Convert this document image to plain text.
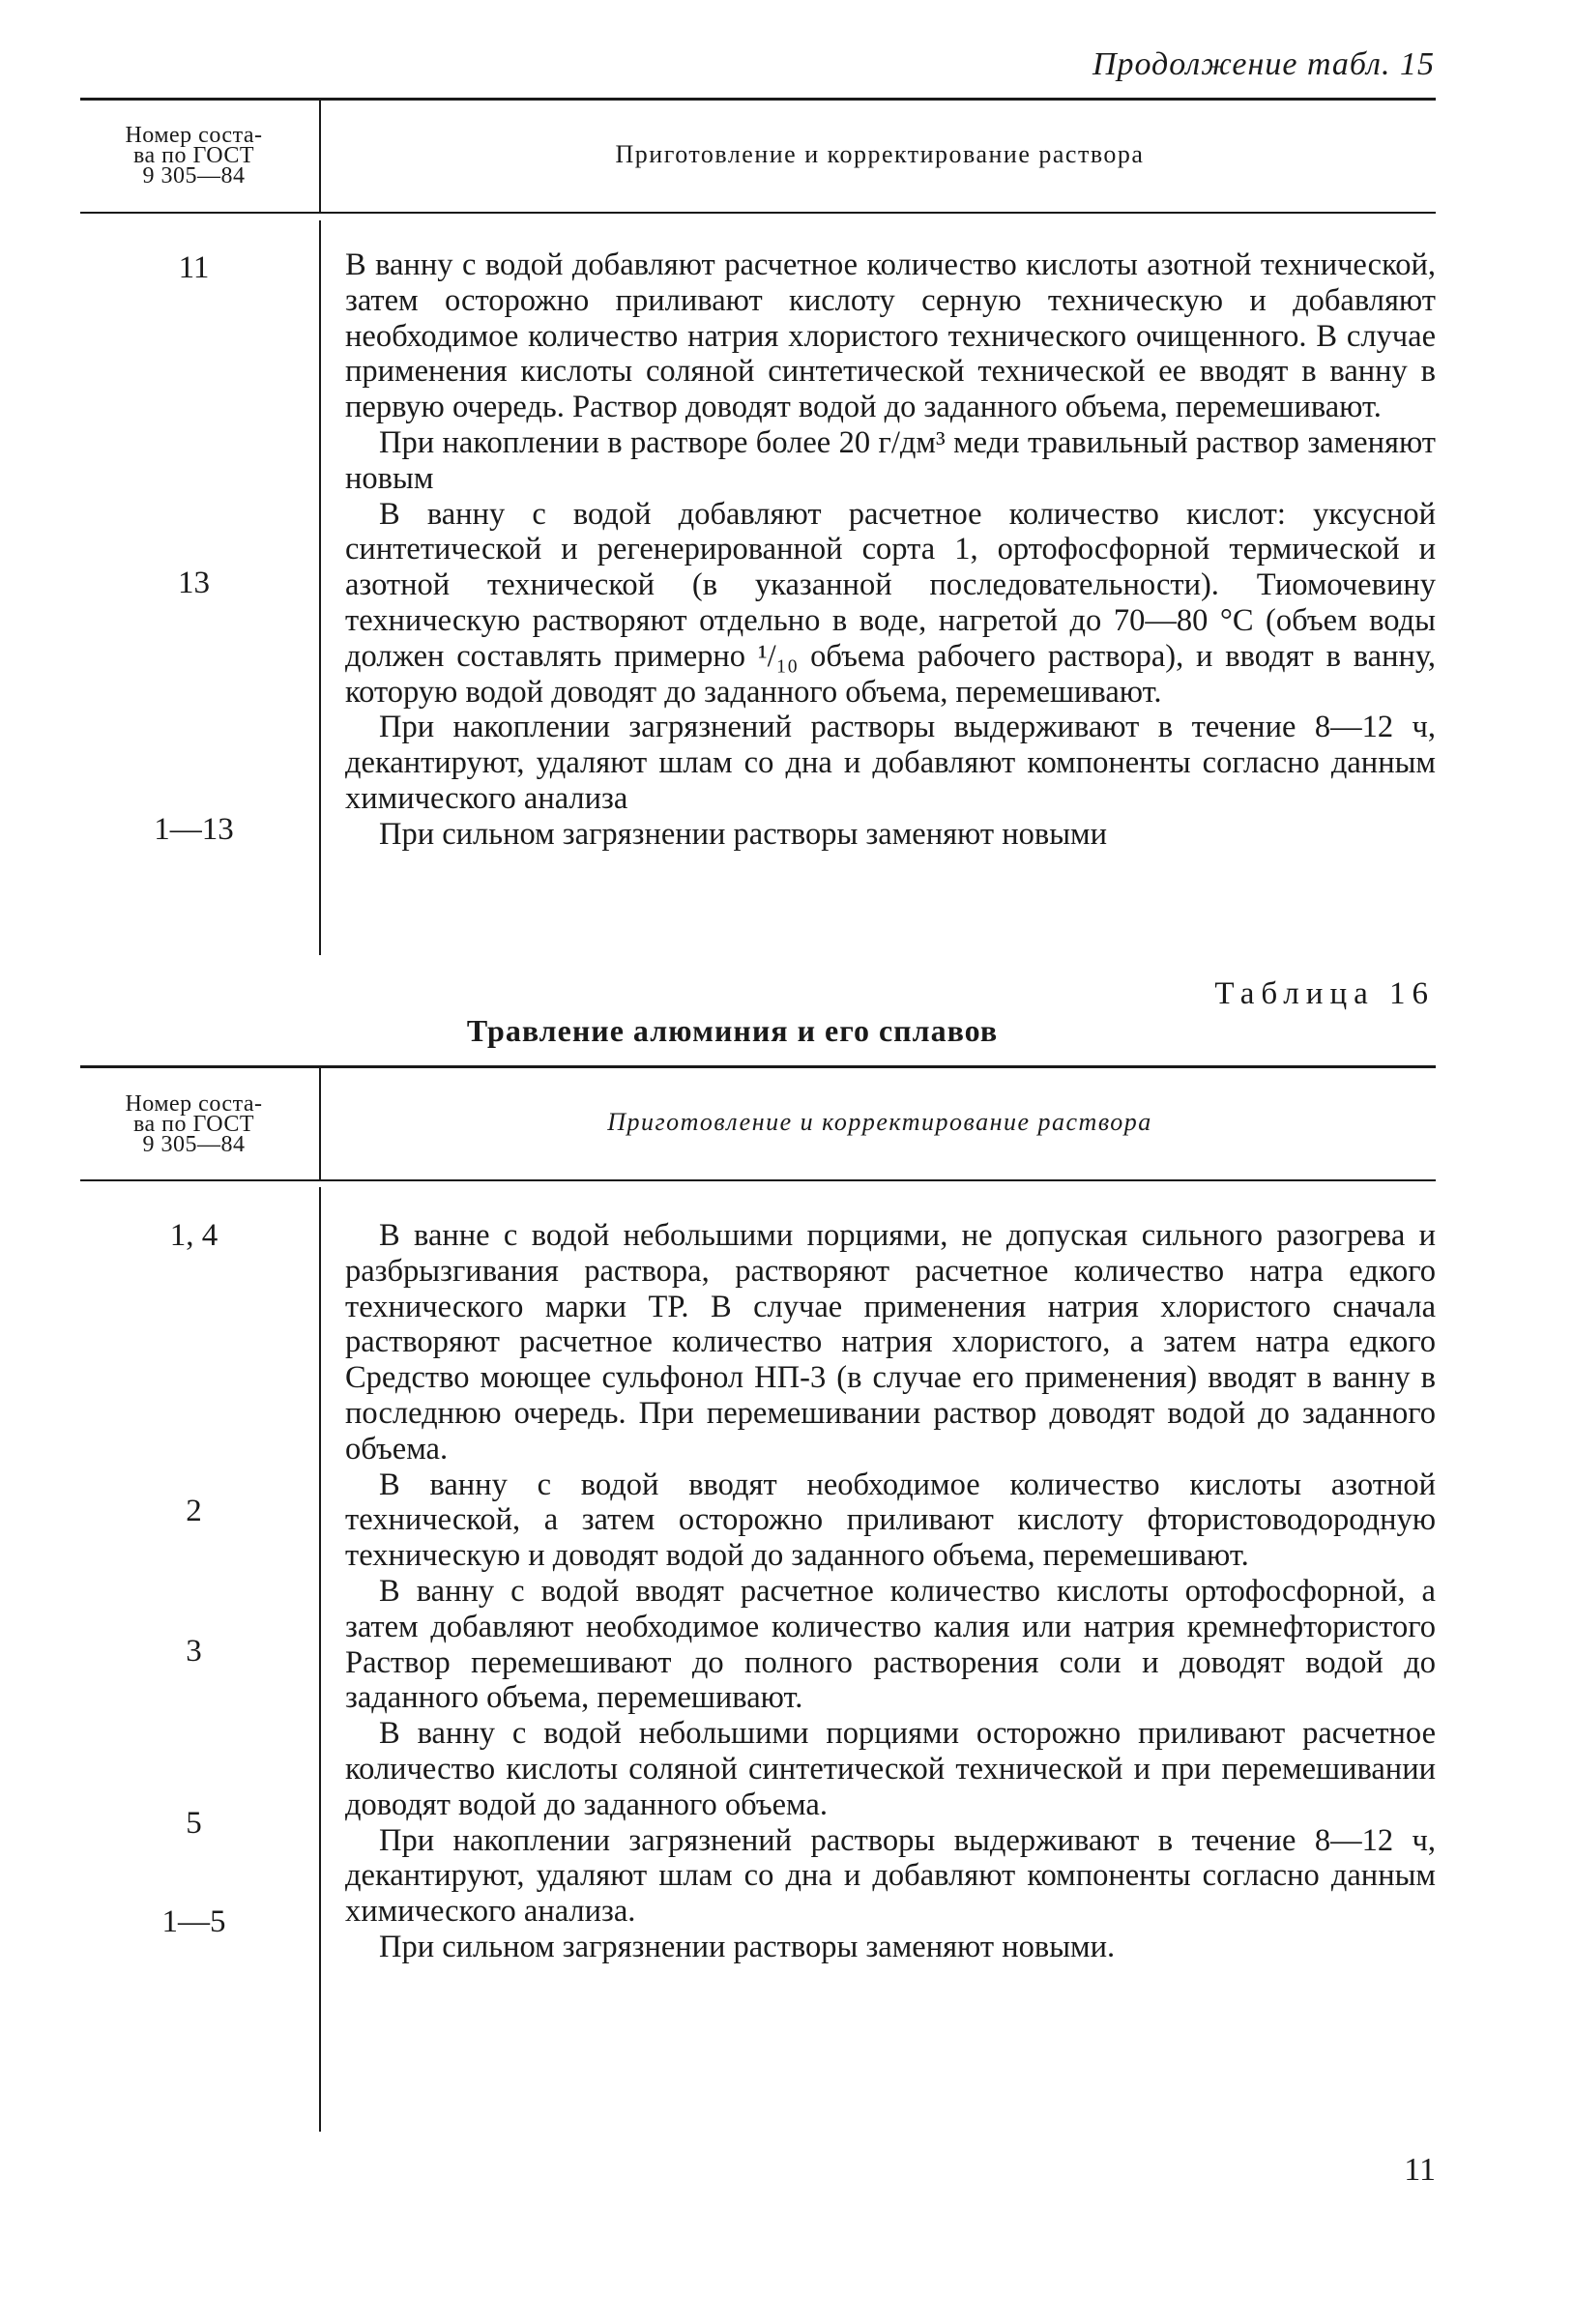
Продолжение табл. 15
Номер соста-
ва по ГОСТ
9 305—84
Приготовление и корректирование раствора
11
13
1—13

В ванну с водой добавляют расчетное количество кислоты азотной технической, затем осторожно приливают кислоту серную техническую и добавляют необходимое количество натрия хлористого технического очищенного. В случае применения кислоты соляной синтетической технической ее вводят в ванну в первую очередь. Раствор доводят водой до заданного объема, перемешивают.

При накоплении в растворе более 20 г/дм³ меди травильный раствор заменяют новым

В ванну с водой добавляют расчетное количество кислот: уксусной синтетической и регенерированной сорта 1, ортофосфорной термической и азотной технической (в указанной последовательности). Тиомочевину техническую растворяют отдельно в воде, нагретой до 70—80 °С (объем воды должен составлять примерно ¹/₁₀ объема рабочего раствора), и вводят в ванну, которую водой доводят до заданного объема, перемешивают.

При накоплении загрязнений растворы выдерживают в течение 8—12 ч, декантируют, удаляют шлам со дна и добавляют компоненты согласно данным химического анализа

При сильном загрязнении растворы заменяют новыми

Таблица 16
Травление алюминия и его сплавов
Номер соста-
ва по ГОСТ
9 305—84
Приготовление и корректирование раствора
1, 4
2
3
5
1—5

В ванне с водой небольшими порциями, не допуская сильного разогрева и разбрызгивания раствора, растворяют расчетное количество натра едкого технического марки ТР. В случае применения натрия хлористого сначала растворяют расчетное количество натрия хлористого, а затем натра едкого Средство моющее сульфонол НП-3 (в случае его применения) вводят в ванну в последнюю очередь. При перемешивании раствор доводят водой до заданного объема.

В ванну с водой вводят необходимое количество кислоты азотной технической, а затем осторожно приливают кислоту фтористоводородную техническую и доводят водой до заданного объема, перемешивают.

В ванну с водой вводят расчетное количество кислоты ортофосфорной, а затем добавляют необходимое количество калия или натрия кремнефтористого Раствор перемешивают до полного растворения соли и доводят водой до заданного объема, перемешивают.

В ванну с водой небольшими порциями осторожно приливают расчетное количество кислоты соляной синтетической технической и при перемешивании доводят водой до заданного объема.

При накоплении загрязнений растворы выдерживают в течение 8—12 ч, декантируют, удаляют шлам со дна и добавляют компоненты согласно данным химического анализа.

При сильном загрязнении растворы заменяют новыми.

11
